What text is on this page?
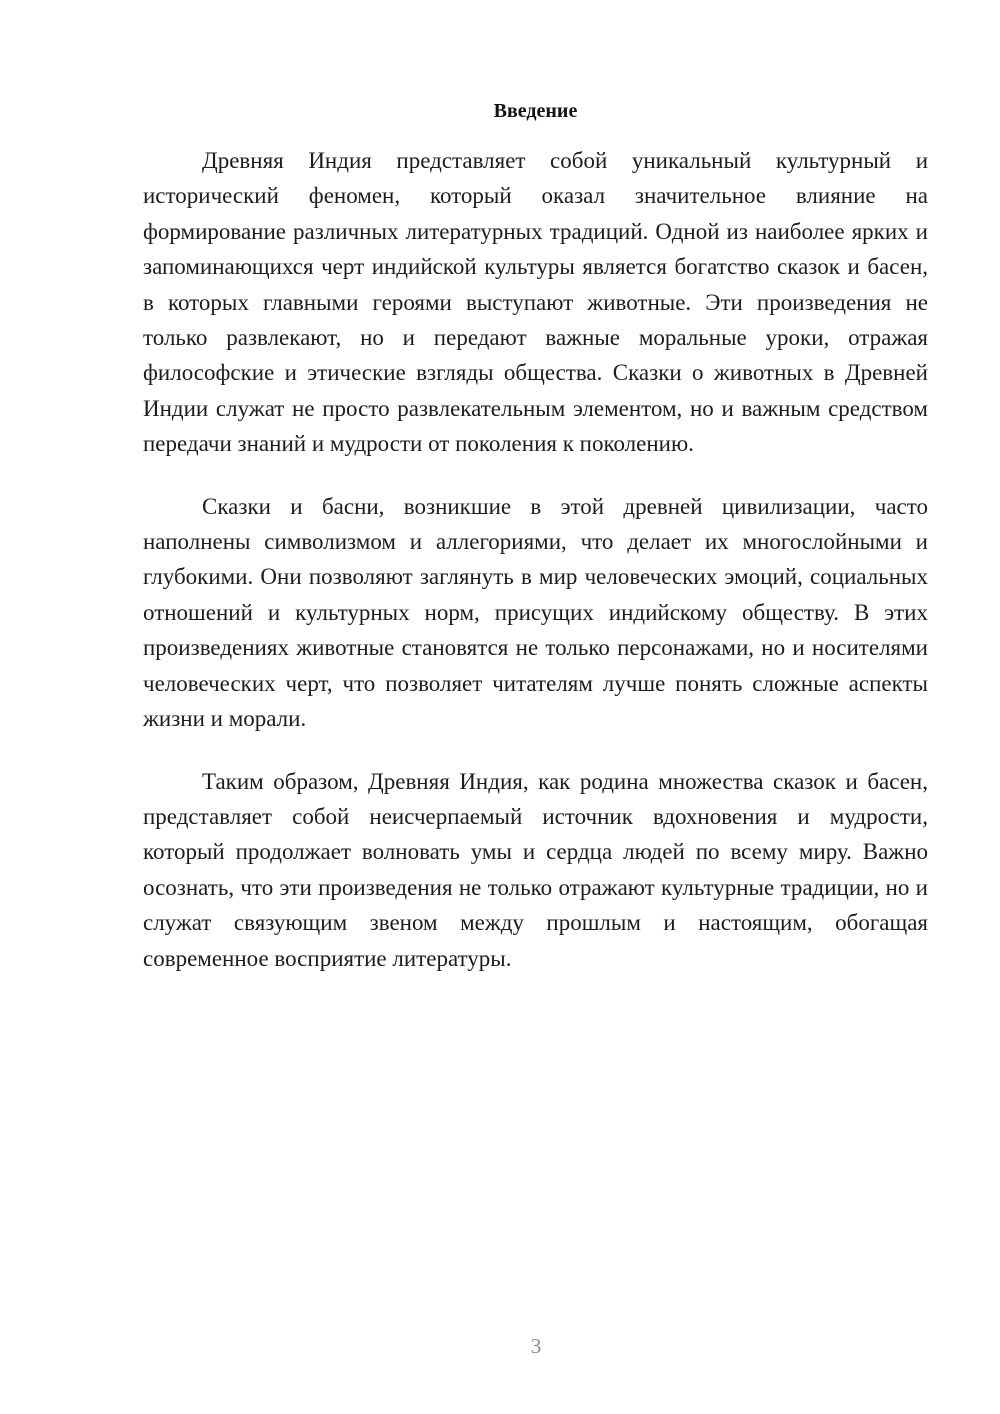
Введение

Древняя Индия представляет собой уникальный культурный и исторический феномен, который оказал значительное влияние на формирование различных литературных традиций. Одной из наиболее ярких и запоминающихся черт индийской культуры является богатство сказок и басен, в которых главными героями выступают животные. Эти произведения не только развлекают, но и передают важные моральные уроки, отражая философские и этические взгляды общества. Сказки о животных в Древней Индии служат не просто развлекательным элементом, но и важным средством передачи знаний и мудрости от поколения к поколению.

Сказки и басни, возникшие в этой древней цивилизации, часто наполнены символизмом и аллегориями, что делает их многослойными и глубокими. Они позволяют заглянуть в мир человеческих эмоций, социальных отношений и культурных норм, присущих индийскому обществу. В этих произведениях животные становятся не только персонажами, но и носителями человеческих черт, что позволяет читателям лучше понять сложные аспекты жизни и морали.

Таким образом, Древняя Индия, как родина множества сказок и басен, представляет собой неисчерпаемый источник вдохновения и мудрости, который продолжает волновать умы и сердца людей по всему миру. Важно осознать, что эти произведения не только отражают культурные традиции, но и служат связующим звеном между прошлым и настоящим, обогащая современное восприятие литературы.

3
